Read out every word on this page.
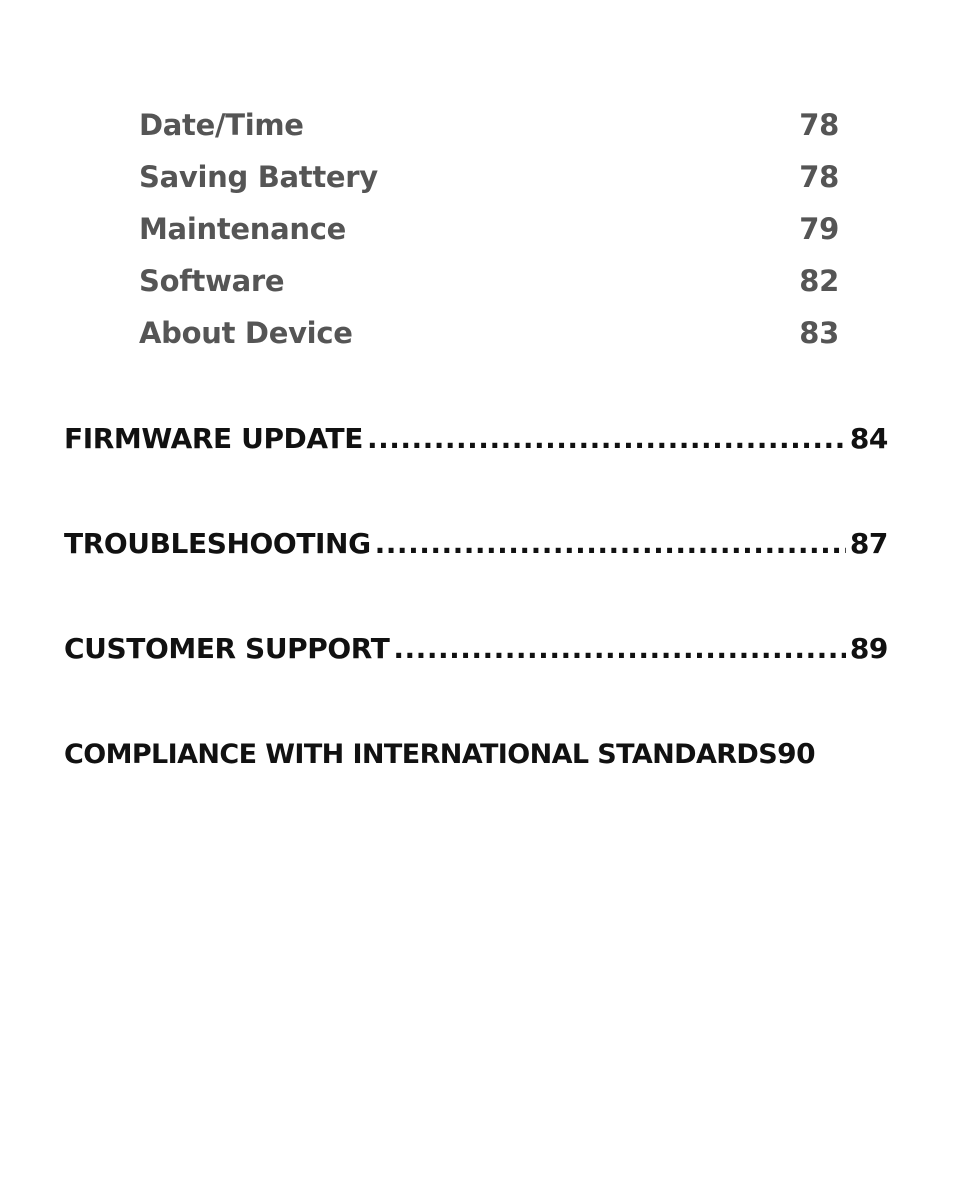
Date/Time	78
Saving Battery	78
Maintenance	79
Software	82
About Device	83
FIRMWARE UPDATE .....	84
TROUBLESHOOTING .....	87
CUSTOMER SUPPORT .....	89
COMPLIANCE WITH INTERNATIONAL STANDARDS 90
